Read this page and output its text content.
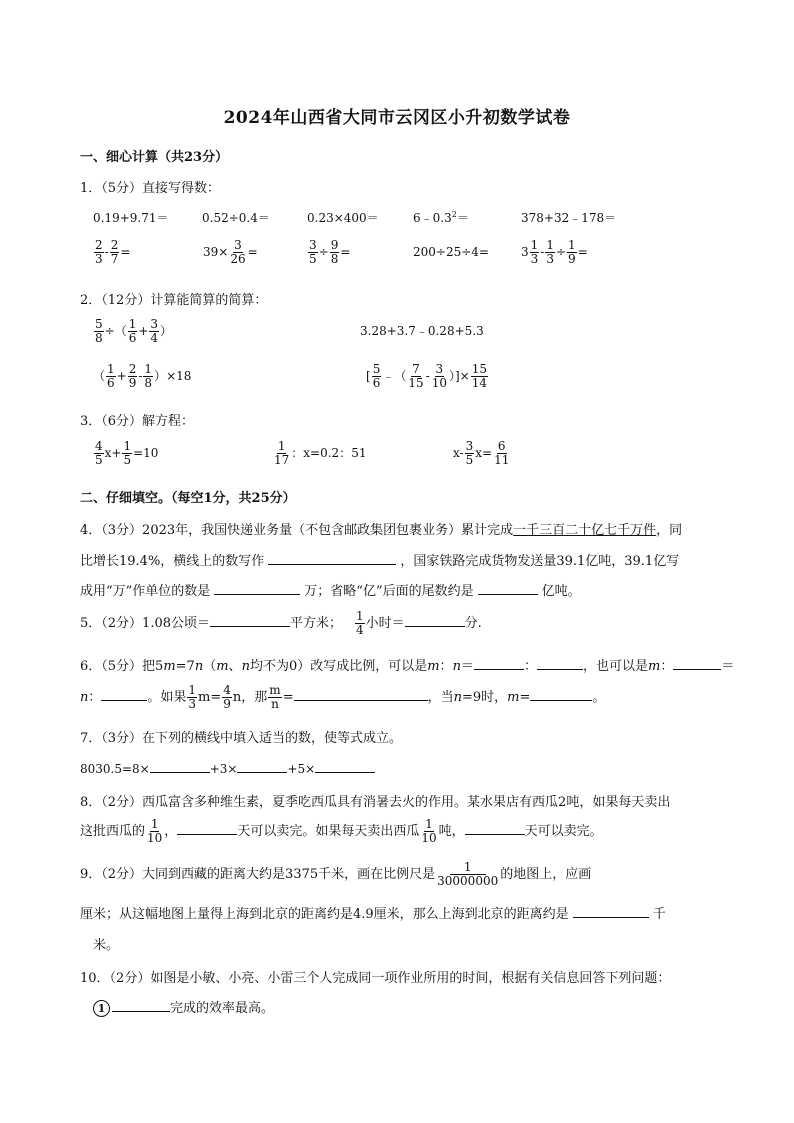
2024年山西省大同市云冈区小升初数学试卷
一、细心计算（共23分）
1．（5分）直接写得数：
0.19+9.71＝	0.52÷0.4＝	0.23×400＝	$6﹣0.3^2=$	378+32﹣178＝
$\frac{2}{3} - \frac{2}{7}$ =	$39\times \frac{3}{26}$ =	$\frac{3}{5} \div \frac{9}{8}$ =	200÷25÷4=	$3 \frac{1}{3} - \frac{1}{3} \div \frac{1}{9}$ =
2．（12分）计算能简算的简算：
$\frac{5}{8}$ ÷（ $\frac{1}{6} + \frac{3}{4}$ ）	3.28+3.7﹣0.28+5.3
（ $\frac{1}{6} + \frac{2}{9} - \frac{1}{8} )\times 18$	[ $\frac{5}{6}$ ﹣（ $\frac{7}{15} - \frac{3}{10}$ ）]× $\frac{15}{14}$
3．（6分）解方程：
$\frac{4}{5} x+ \frac{1}{5} =10$	$\frac{1}{17}$ ：x=0.2：51	$x- \frac{3}{5} x= \frac{6}{11}$
二、仔细填空。（每空1分，共25分）
4．（3分）2023年，我国快递业务量（不包含邮政集团包裹业务）累计完成一千三百二十亿七千万件，同
比增长19.4%，横线上的数写作	，国家铁路完成货物发送量39.1亿吨，39.1亿写
成用“万”作单位的数是	万；省略“亿”后面的尾数约是	亿吨。
5．（2分）1.08公顷＝	平方米； $\frac{1}{4}$ 小时＝	分.
6．（5分）把5m=7n（m、n均不为0）改写成比例，可以是m：n＝	：	，也可以是m：	＝
n：	。如果 $\frac{1}{3} m= \frac{4}{9}$ n，那 $\frac{m}{n}$ =	，当n=9时，m=	。
7．（3分）在下列的横线中填入适当的数，使等式成立。
8030.5=8×	+3×	+5×
8．（2分）西瓜富含多种维生素，夏季吃西瓜具有消暑去火的作用。某水果店有西瓜2吨，如果每天卖出
这批西瓜的 $\frac{1}{10}$ ，	天可以卖完。如果每天卖出西瓜 $\frac{1}{10}$ 吨，	天可以卖完。
9．（2分）大同到西藏的距离大约是3375千米，画在比例尺是 $\frac{1}{30000000}$ 的地图上，应画
厘米；从这幅地图上量得上海到北京的距离约是4.9厘米，那么上海到北京的距离约是	千
米。
10．（2分）如图是小敏、小亮、小雷三个人完成同一项作业所用的时间，根据有关信息回答下列问题：
1	完成的效率最高。
